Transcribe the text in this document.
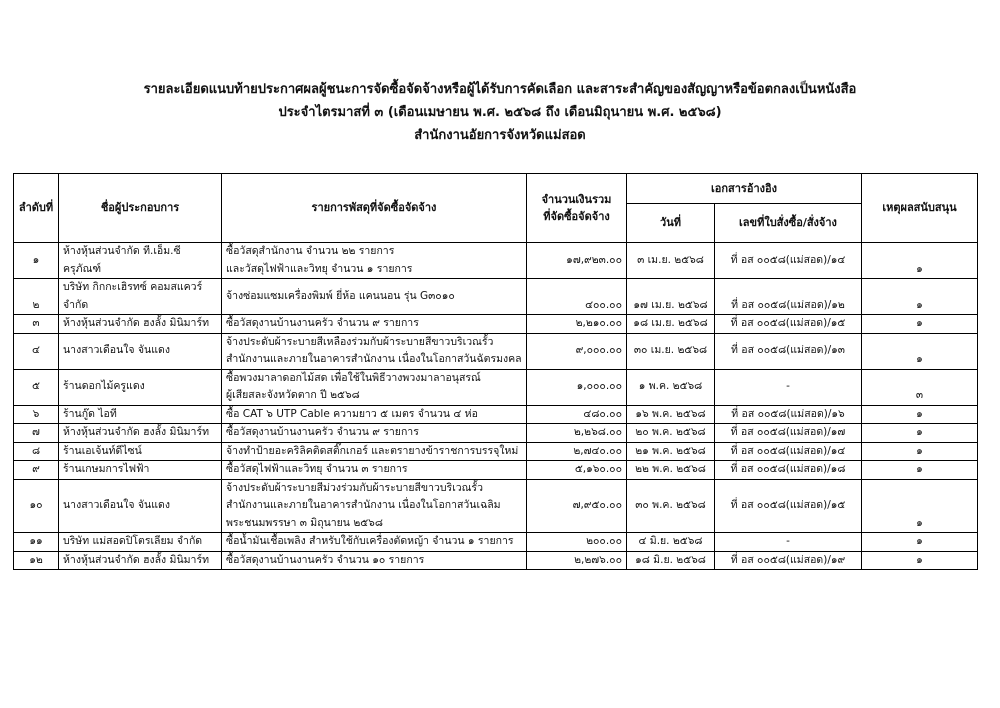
รายละเอียดแนบท้ายประกาศผลผู้ชนะการจัดซื้อจัดจ้างหรือผู้ได้รับการคัดเลือก และสาระสำคัญของสัญญาหรือข้อตกลงเป็นหนังสือ
ประจำไตรมาสที่ ๓ (เดือนเมษายน พ.ศ. ๒๕๖๘ ถึง เดือนมิถุนายน พ.ศ. ๒๕๖๘)
สำนักงานอัยการจังหวัดแม่สอด
ลำดับที่	ชื่อผู้ประกอบการ	รายการพัสดุที่จัดซื้อจัดจ้าง	จำนวนเงินรวม
ที่จัดซื้อจัดจ้าง	เอกสารอ้างอิง		เหตุผลสนับสนุน
				วันที่	เลขที่ใบสั่งซื้อ/สั่งจ้าง	
๑	ห้างหุ้นส่วนจำกัด ที.เอ็ม.ซี ครุภัณฑ์	ซื้อวัสดุสำนักงาน จำนวน ๒๒ รายการ
และวัสดุไฟฟ้าและวิทยุ จำนวน ๑ รายการ	๑๗,๙๒๓.๐๐	๓ เม.ย. ๒๕๖๘	ที่ อส ๐๐๕๘(แม่สอด)/๑๔	๑
๒	บริษัท กิกกะเฮิรทซ์ คอมสแควร์ จำกัด	จ้างซ่อมแซมเครื่องพิมพ์ ยี่ห้อ แคนนอน รุ่น G๓๐๑๐	๔๐๐.๐๐	๑๗ เม.ย. ๒๕๖๘	ที่ อส ๐๐๕๘(แม่สอด)/๑๒	๑
๓	ห้างหุ้นส่วนจำกัด ฮงลั้ง มินิมาร์ท	ซื้อวัสดุงานบ้านงานครัว จำนวน ๙ รายการ	๒,๒๑๐.๐๐	๑๘ เม.ย. ๒๕๖๘	ที่ อส ๐๐๕๘(แม่สอด)/๑๕	๑
๔	นางสาวเดือนใจ จันแดง	จ้างประดับผ้าระบายสีเหลืองร่วมกับผ้าระบายสีขาวบริเวณรั้ว
สำนักงานและภายในอาคารสำนักงาน เนื่องในโอกาสวันฉัตรมงคล	๙,๐๐๐.๐๐	๓๐ เม.ย. ๒๕๖๘	ที่ อส ๐๐๕๘(แม่สอด)/๑๓	๑
๕	ร้านดอกไม้ครูแดง	ซื้อพวงมาลาดอกไม้สด เพื่อใช้ในพิธีวางพวงมาลาอนุสรณ์
ผู้เสียสละจังหวัดตาก ปี ๒๕๖๘	๑,๐๐๐.๐๐	๑ พ.ค. ๒๕๖๘	-	๓
๖	ร้านกู๊ด ไอที	ซื้อ CAT ๖ UTP Cable ความยาว ๕ เมตร จำนวน ๔ ห่อ	๔๘๐.๐๐	๑๖ พ.ค. ๒๕๖๘	ที่ อส ๐๐๕๘(แม่สอด)/๑๖	๑
๗	ห้างหุ้นส่วนจำกัด ฮงลั้ง มินิมาร์ท	ซื้อวัสดุงานบ้านงานครัว จำนวน ๙ รายการ	๒,๒๖๘.๐๐	๒๐ พ.ค. ๒๕๖๘	ที่ อส ๐๐๕๘(แม่สอด)/๑๗	๑
๘	ร้านเอเจ้นท์ดีไซน์	จ้างทำป้ายอะคริลิคติดสติ๊กเกอร์ และตรายางข้าราชการบรรจุใหม่	๒,๗๔๐.๐๐	๒๑ พ.ค. ๒๕๖๘	ที่ อส ๐๐๕๘(แม่สอด)/๑๔	๑
๙	ร้านเกษมการไฟฟ้า	ซื้อวัสดุไฟฟ้าและวิทยุ จำนวน ๓ รายการ	๕,๑๖๐.๐๐	๒๒ พ.ค. ๒๕๖๘	ที่ อส ๐๐๕๘(แม่สอด)/๑๘	๑
๑๐	นางสาวเดือนใจ จันแดง	จ้างประดับผ้าระบายสีม่วงร่วมกับผ้าระบายสีขาวบริเวณรั้ว
สำนักงานและภายในอาคารสำนักงาน เนื่องในโอกาสวันเฉลิม
พระชนมพรรษา ๓ มิถุนายน ๒๕๖๘	๗,๙๕๐.๐๐	๓๐ พ.ค. ๒๕๖๘	ที่ อส ๐๐๕๘(แม่สอด)/๑๕	๑
๑๑	บริษัท แม่สอดปิโตรเลียม จำกัด	ซื้อน้ำมันเชื้อเพลิง สำหรับใช้กับเครื่องตัดหญ้า จำนวน ๑ รายการ	๒๐๐.๐๐	๔ มิ.ย. ๒๕๖๘	-	๑
๑๒	ห้างหุ้นส่วนจำกัด ฮงลั้ง มินิมาร์ท	ซื้อวัสดุงานบ้านงานครัว จำนวน ๑๐ รายการ	๒,๒๗๖.๐๐	๑๘ มิ.ย. ๒๕๖๘	ที่ อส ๐๐๕๘(แม่สอด)/๑๙	๑
